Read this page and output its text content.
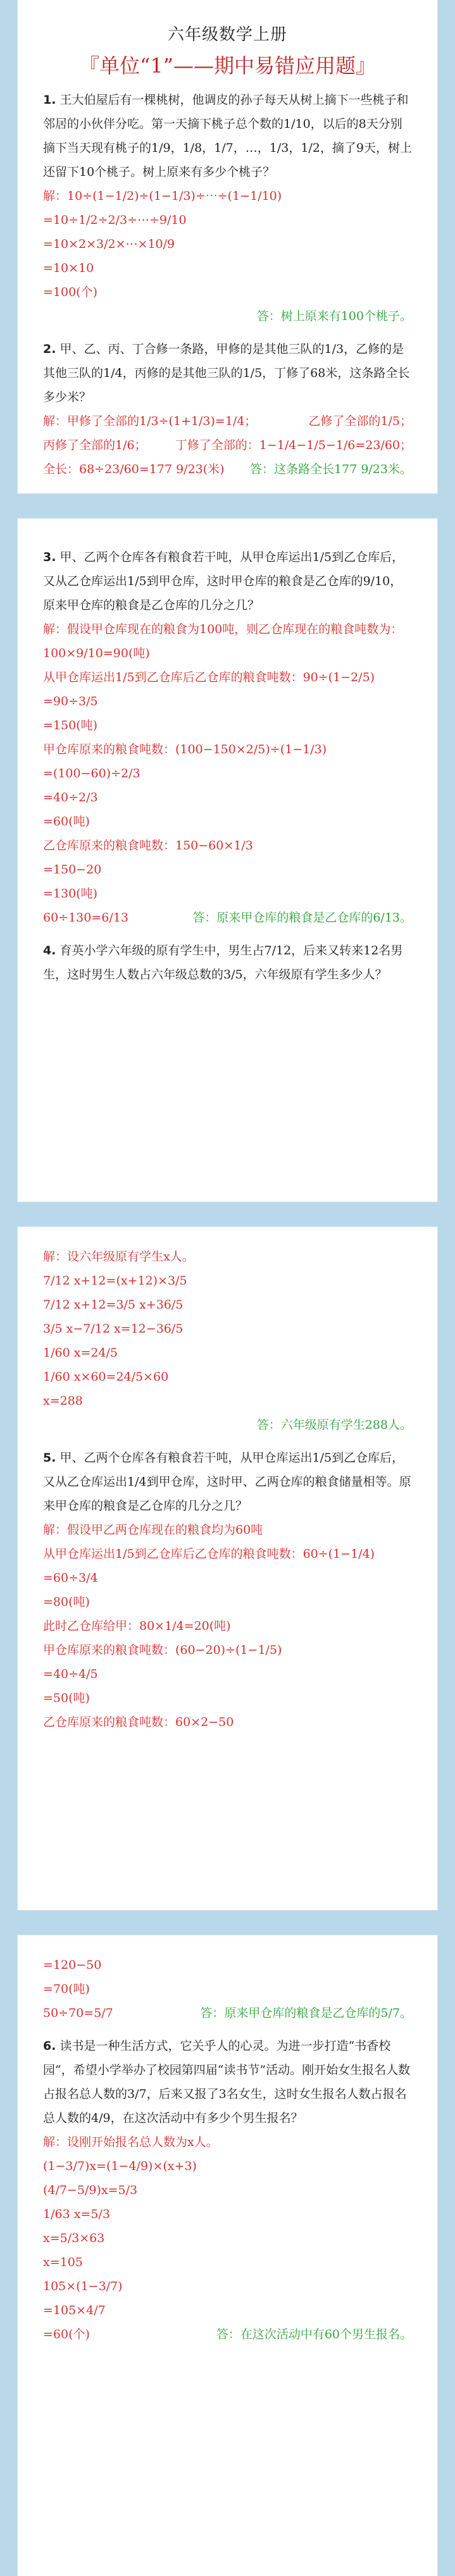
六年级数学上册
『单位“1”——期中易错应用题』

1. 王大伯屋后有一棵桃树，他调皮的孙子每天从树上摘下一些桃子和邻居的小伙伴分吃。第一天摘下桃子总个数的1/10，以后的8天分别摘下当天现有桃子的1/9，1/8，1/7，…，1/3，1/2，摘了9天，树上还留下10个桃子。树上原来有多少个桃子？

解：10÷(1−1/2)÷(1−1/3)÷⋯÷(1−1/10)

=10÷1/2÷2/3÷⋯÷9/10

=10×2×3/2×⋯×10/9

=10×10

=100(个)

答：树上原来有100个桃子。

2. 甲、乙、丙、丁合修一条路，甲修的是其他三队的1/3，乙修的是其他三队的1/4，丙修的是其他三队的1/5，丁修了68米，这条路全长多少米？

解：甲修了全部的1/3÷(1+1/3)=1/4；	乙修了全部的1/5；
丙修了全部的1/6； 丁修了全部的：1−1/4−1/5−1/6=23/60；
全长：68÷23/60=177 9/23(米) 答：这条路全长177 9/23米。

3. 甲、乙两个仓库各有粮食若干吨，从甲仓库运出1/5到乙仓库后，又从乙仓库运出1/5到甲仓库，这时甲仓库的粮食是乙仓库的9/10，原来甲仓库的粮食是乙仓库的几分之几？

解：假设甲仓库现在的粮食为100吨，则乙仓库现在的粮食吨数为：100×9/10=90(吨)

从甲仓库运出1/5到乙仓库后乙仓库的粮食吨数：90÷(1−2/5)

=90÷3/5

=150(吨)

甲仓库原来的粮食吨数：(100−150×2/5)÷(1−1/3)

=(100−60)÷2/3

=40÷2/3

=60(吨)

乙仓库原来的粮食吨数：150−60×1/3

=150−20

=130(吨)

60÷130=6/13	答：原来甲仓库的粮食是乙仓库的6/13。

4. 育英小学六年级的原有学生中，男生占7/12，后来又转来12名男生，这时男生人数占六年级总数的3/5，六年级原有学生多少人？

解：设六年级原有学生x人。

7/12 x+12=(x+12)×3/5

7/12 x+12=3/5 x+36/5

3/5 x−7/12 x=12−36/5

1/60 x=24/5

1/60 x×60=24/5×60

x=288

答：六年级原有学生288人。

5. 甲、乙两个仓库各有粮食若干吨，从甲仓库运出1/5到乙仓库后，又从乙仓库运出1/4到甲仓库，这时甲、乙两仓库的粮食储量相等。原来甲仓库的粮食是乙仓库的几分之几？

解：假设甲乙两仓库现在的粮食均为60吨

从甲仓库运出1/5到乙仓库后乙仓库的粮食吨数：60÷(1−1/4)

=60÷3/4

=80(吨)

此时乙仓库给甲：80×1/4=20(吨)

甲仓库原来的粮食吨数：(60−20)÷(1−1/5)

=40÷4/5

=50(吨)

乙仓库原来的粮食吨数：60×2−50

=120−50

=70(吨)

50÷70=5/7	答：原来甲仓库的粮食是乙仓库的5/7。

6. 读书是一种生活方式，它关乎人的心灵。为进一步打造“书香校园”，希望小学举办了校园第四届“读书节”活动。刚开始女生报名人数占报名总人数的3/7，后来又报了3名女生，这时女生报名人数占报名总人数的4/9，在这次活动中有多少个男生报名？

解：设刚开始报名总人数为x人。

(1−3/7)x=(1−4/9)×(x+3)

(4/7−5/9)x=5/3

1/63 x=5/3

x=5/3×63

x=105

105×(1−3/7)

=105×4/7

=60(个)	答：在这次活动中有60个男生报名。
